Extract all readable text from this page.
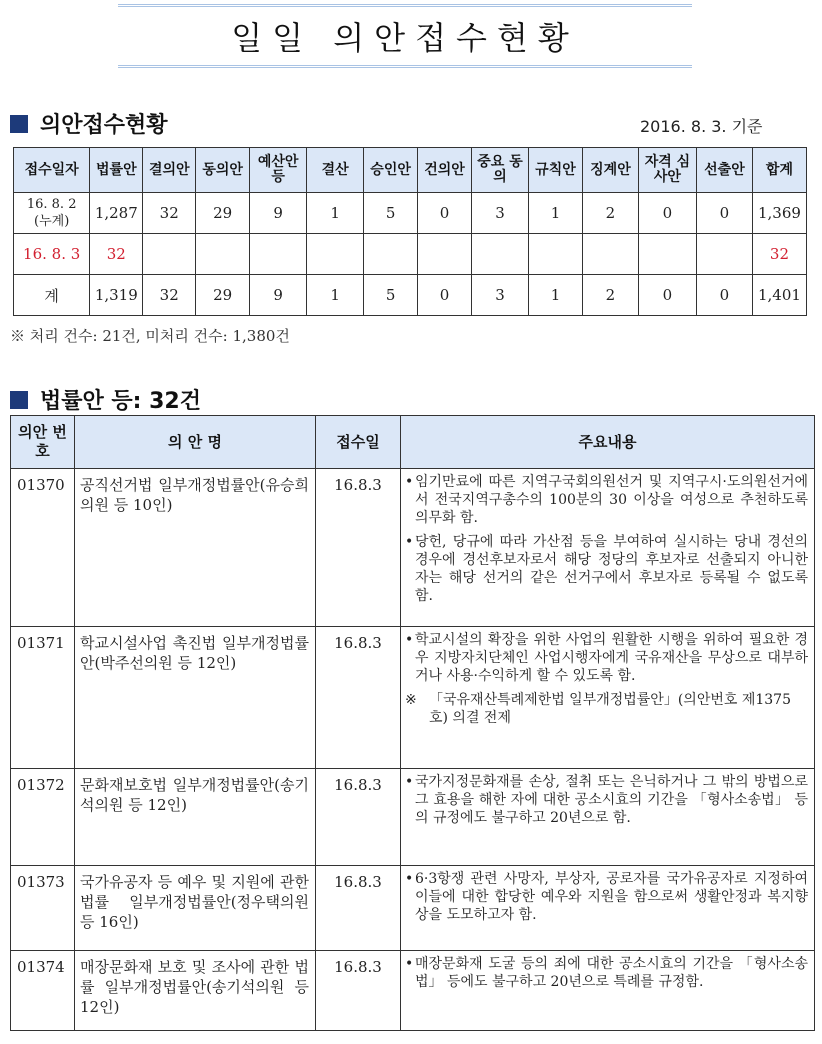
일일 의안접수현황
의안접수현황	2016. 8. 3. 기준
접수일자	법률안	결의안	동의안	예산안 등	결산	승인안	건의안	중요 동의	규칙안	징계안	자격 심사안	선출안	합계

16. 8. 2
(누계)	1,287	32	29	9	1	5	0	3	1	2	0	0	1,369
16. 8. 3	32												32
계	1,319	32	29	9	1	5	0	3	1	2	0	0	1,401
※ 처리 건수: 21건, 미처리 건수: 1,380건
법률안 등: 32건
의안 번호	의 안 명	접수일	주요내용
01370	공직선거법 일부개정법률안(유승희의원 등 10인)	16.8.3	• 임기만료에 따른 지역구국회의원선거 및 지역구시·도의원선거에서 전국지역구총수의 100분의 30 이상을 여성으로 추천하도록 의무화 함.
• 당헌, 당규에 따라 가산점 등을 부여하여 실시하는 당내 경선의 경우에 경선후보자로서 해당 정당의 후보자로 선출되지 아니한 자는 해당 선거의 같은 선거구에서 후보자로 등록될 수 없도록 함.

01371	학교시설사업 촉진법 일부개정법률안(박주선의원 등 12인)	16.8.3	• 학교시설의 확장을 위한 사업의 원활한 시행을 위하여 필요한 경우 지방자치단체인 사업시행자에게 국유재산을 무상으로 대부하거나 사용·수익하게 할 수 있도록 함.
※ 「국유재산특례제한법 일부개정법률안」(의안번호 제1375호) 의결 전제

01372	문화재보호법 일부개정법률안(송기석의원 등 12인)	16.8.3	• 국가지정문화재를 손상, 절취 또는 은닉하거나 그 밖의 방법으로 그 효용을 해한 자에 대한 공소시효의 기간을 「형사소송법」 등의 규정에도 불구하고 20년으로 함.

01373	국가유공자 등 예우 및 지원에 관한 법률 일부개정법률안(정우택의원 등 16인)	16.8.3	• 6·3항쟁 관련 사망자, 부상자, 공로자를 국가유공자로 지정하여 이들에 대한 합당한 예우와 지원을 함으로써 생활안정과 복지향상을 도모하고자 함.

01374	매장문화재 보호 및 조사에 관한 법률 일부개정법률안(송기석의원 등 12인)	16.8.3	• 매장문화재 도굴 등의 죄에 대한 공소시효의 기간을 「형사소송법」 등에도 불구하고 20년으로 특례를 규정함.
